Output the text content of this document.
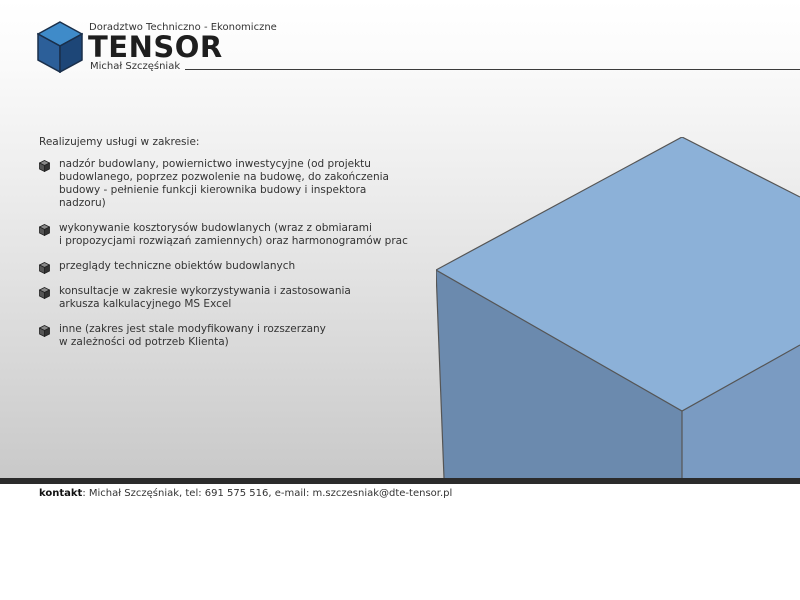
Doradztwo Techniczno - Ekonomiczne
TENSOR
Michał Szczęśniak
Realizujemy usługi w zakresie:
nadzór budowlany, powiernictwo inwestycyjne (od projektu
budowlanego, poprzez pozwolenie na budowę, do zakończenia
budowy - pełnienie funkcji kierownika budowy i inspektora
nadzoru)
wykonywanie kosztorysów budowlanych (wraz z obmiarami
i propozycjami rozwiązań zamiennych) oraz harmonogramów prac
przeglądy techniczne obiektów budowlanych
konsultacje w zakresie wykorzystywania i zastosowania
arkusza kalkulacyjnego MS Excel
inne (zakres jest stale modyfikowany i rozszerzany
w zależności od potrzeb Klienta)
kontakt: Michał Szczęśniak, tel: 691 575 516, e-mail: m.szczesniak@dte-tensor.pl
